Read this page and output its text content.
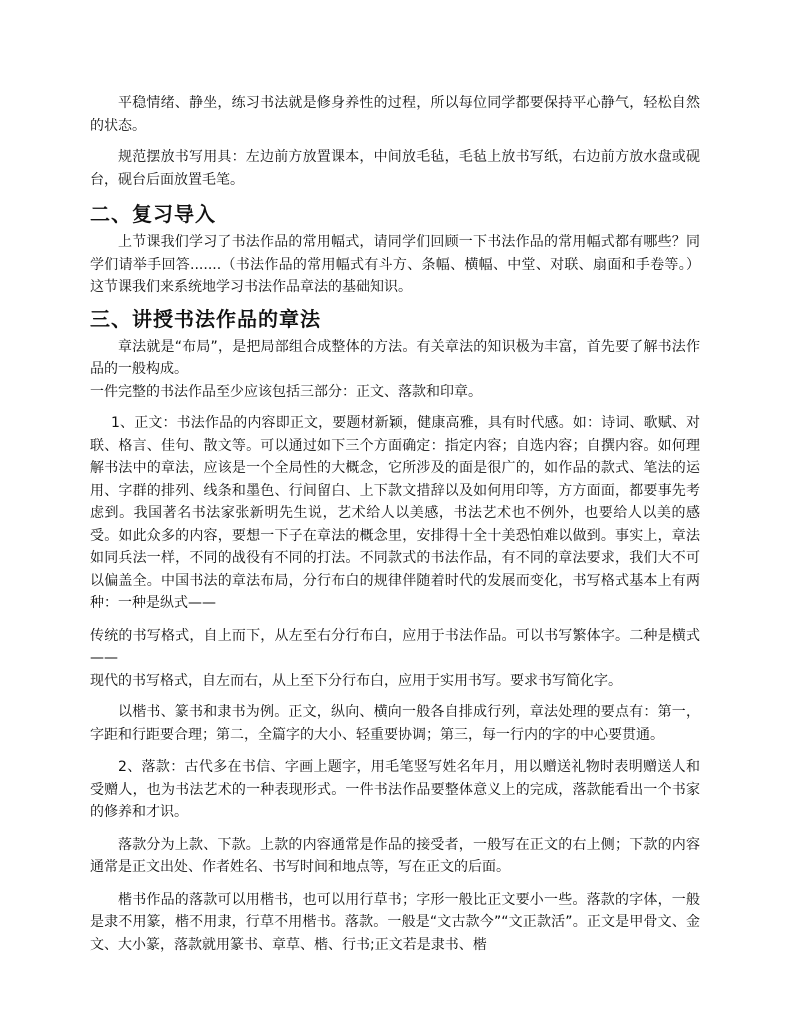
平稳情绪、静坐，练习书法就是修身养性的过程，所以每位同学都要保持平心静气，轻松自然的状态。

规范摆放书写用具：左边前方放置课本，中间放毛毡，毛毡上放书写纸，右边前方放水盘或砚台，砚台后面放置毛笔。

二、复习导入

上节课我们学习了书法作品的常用幅式，请同学们回顾一下书法作品的常用幅式都有哪些？同学们请举手回答.......（书法作品的常用幅式有斗方、条幅、横幅、中堂、对联、扇面和手卷等。）这节课我们来系统地学习书法作品章法的基础知识。

三、讲授书法作品的章法

章法就是“布局”，是把局部组合成整体的方法。有关章法的知识极为丰富，首先要了解书法作品的一般构成。

一件完整的书法作品至少应该包括三部分：正文、落款和印章。

1、正文：书法作品的内容即正文，要题材新颖，健康高雅，具有时代感。如：诗词、歌赋、对联、格言、佳句、散文等。可以通过如下三个方面确定：指定内容；自选内容；自撰内容。如何理解书法中的章法，应该是一个全局性的大概念，它所涉及的面是很广的，如作品的款式、笔法的运用、字群的排列、线条和墨色、行间留白、上下款文措辞以及如何用印等，方方面面，都要事先考虑到。我国著名书法家张新明先生说，艺术给人以美感，书法艺术也不例外，也要给人以美的感受。如此众多的内容，要想一下子在章法的概念里，安排得十全十美恐怕难以做到。事实上，章法如同兵法一样，不同的战役有不同的打法。不同款式的书法作品，有不同的章法要求，我们大不可以偏盖全。中国书法的章法布局，分行布白的规律伴随着时代的发展而变化，书写格式基本上有两种：一种是纵式——

传统的书写格式，自上而下，从左至右分行布白，应用于书法作品。可以书写繁体字。二种是横式——

现代的书写格式，自左而右，从上至下分行布白，应用于实用书写。要求书写简化字。

以楷书、篆书和隶书为例。正文，纵向、横向一般各自排成行列，章法处理的要点有：第一，字距和行距要合理；第二，全篇字的大小、轻重要协调；第三，每一行内的字的中心要贯通。

2、落款：古代多在书信、字画上题字，用毛笔竖写姓名年月，用以赠送礼物时表明赠送人和受赠人，也为书法艺术的一种表现形式。一件书法作品要整体意义上的完成，落款能看出一个书家的修养和才识。

落款分为上款、下款。上款的内容通常是作品的接受者，一般写在正文的右上侧；下款的内容通常是正文出处、作者姓名、书写时间和地点等，写在正文的后面。

楷书作品的落款可以用楷书，也可以用行草书；字形一般比正文要小一些。落款的字体，一般是隶不用篆，楷不用隶，行草不用楷书。落款。一般是“文古款今”“文正款活”。正文是甲骨文、金文、大小篆，落款就用篆书、章草、楷、行书;正文若是隶书、楷
